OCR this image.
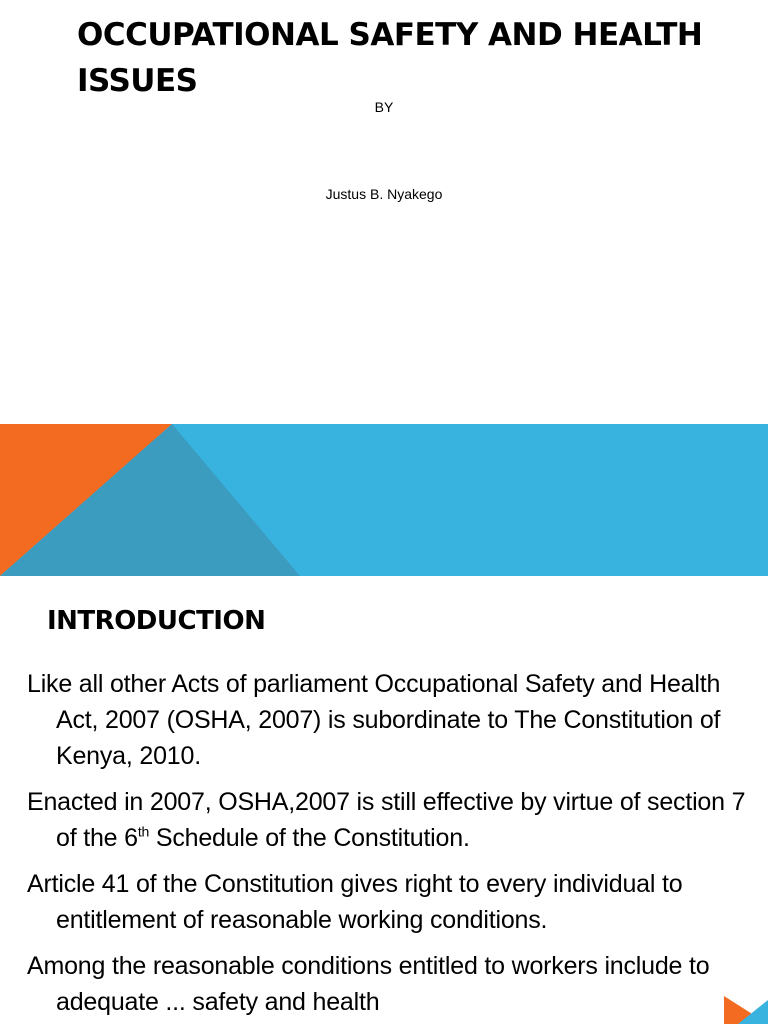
OCCUPATIONAL SAFETY AND HEALTH ISSUES

BY

Justus B. Nyakego

INTRODUCTION
Like all other Acts of parliament Occupational Safety and Health Act, 2007 (OSHA, 2007) is subordinate to The Constitution of Kenya, 2010.
Enacted in 2007, OSHA,2007 is still effective by virtue of section 7 of the 6th Schedule of the Constitution.
Article 41 of the Constitution gives right to every individual to entitlement of reasonable working conditions.
Among the reasonable conditions entitled to workers include to adequate ... safety and health
